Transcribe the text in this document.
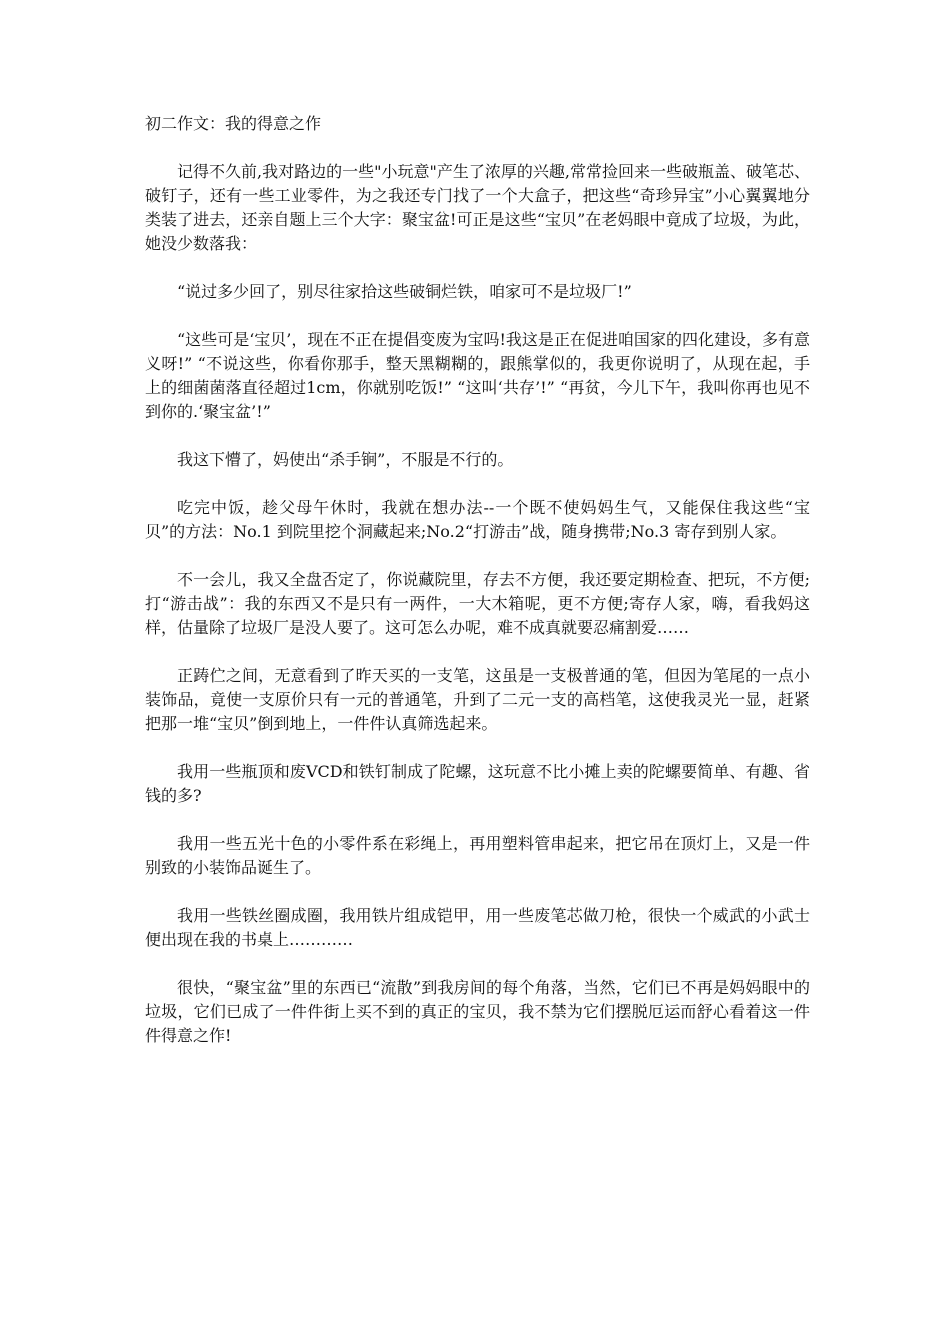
初二作文：我的得意之作

记得不久前,我对路边的一些"小玩意"产生了浓厚的兴趣,常常捡回来一些破瓶盖、破笔芯、破钉子，还有一些工业零件，为之我还专门找了一个大盒子，把这些“奇珍异宝”小心翼翼地分类装了进去，还亲自题上三个大字：聚宝盆!可正是这些“宝贝”在老妈眼中竟成了垃圾，为此，她没少数落我：

“说过多少回了，别尽往家拾这些破铜烂铁，咱家可不是垃圾厂!”

“这些可是‘宝贝’，现在不正在提倡变废为宝吗!我这是正在促进咱国家的四化建设，多有意义呀!” “不说这些，你看你那手，整天黑糊糊的，跟熊掌似的，我更你说明了，从现在起，手上的细菌菌落直径超过1cm，你就别吃饭!” “这叫‘共存’!” “再贫，今儿下午，我叫你再也见不到你的.‘聚宝盆’!”

我这下懵了，妈使出“杀手锏”，不服是不行的。

吃完中饭，趁父母午休时，我就在想办法--一个既不使妈妈生气，又能保住我这些“宝贝”的方法：No.1 到院里挖个洞藏起来;No.2“打游击”战，随身携带;No.3 寄存到别人家。

不一会儿，我又全盘否定了，你说藏院里，存去不方便，我还要定期检查、把玩，不方便;打“游击战”：我的东西又不是只有一两件，一大木箱呢，更不方便;寄存人家，嗨，看我妈这样，估量除了垃圾厂是没人要了。这可怎么办呢，难不成真就要忍痛割爱……

正踌伫之间，无意看到了昨天买的一支笔，这虽是一支极普通的笔，但因为笔尾的一点小装饰品，竟使一支原价只有一元的普通笔，升到了二元一支的高档笔，这使我灵光一显，赶紧把那一堆“宝贝”倒到地上，一件件认真筛选起来。

我用一些瓶顶和废VCD和铁钉制成了陀螺，这玩意不比小摊上卖的陀螺要简单、有趣、省钱的多?

我用一些五光十色的小零件系在彩绳上，再用塑料管串起来，把它吊在顶灯上，又是一件别致的小装饰品诞生了。

我用一些铁丝圈成圈，我用铁片组成铠甲，用一些废笔芯做刀枪，很快一个威武的小武士便出现在我的书桌上…………

很快，“聚宝盆”里的东西已“流散”到我房间的每个角落，当然，它们已不再是妈妈眼中的垃圾，它们已成了一件件街上买不到的真正的宝贝，我不禁为它们摆脱厄运而舒心看着这一件件得意之作!
